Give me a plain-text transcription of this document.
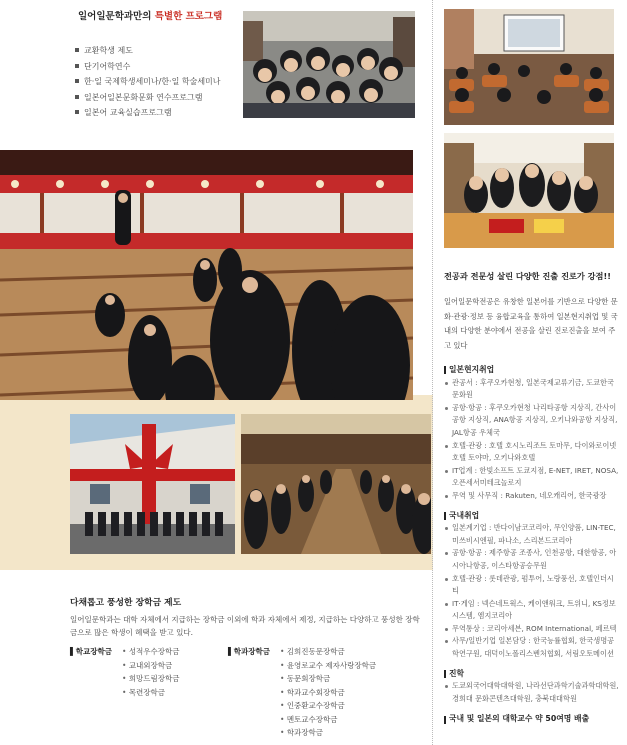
일어일문학과만의 특별한 프로그램
교환학생 제도
단기어학연수
한·일 국제학생세미나/한·일 학술세미나
일본어일본문화문화 연수프로그램
일본어 교육실습프로그램
다채롭고 풍성한 장학금 제도
일어일문학과는 대학 자체에서 지급하는 장학금 이외에 학과 자체에서 제정, 지급하는 다양하고 풍성한 장학금으로 많은 학생이 혜택을 받고 있다.
▌학교장학금	• 성적우수장학금
• 교내외장학금
• 희망드림장학금
• 목련장학금
▌학과장학금	• 김희진동문장학금
• 윤영로교수 제자사랑장학금
• 동문회장학금
• 학과교수회장학금
• 인중환교수장학금
• 멘토교수장학금
• 학과장학금
전공과 전문성 살린 다양한 진출 진로가 강점!!
일어일문학전공은 유창한 일본어를 기반으로 다양한 문화·관광·정보 등 융합교육을 통하여 일본현지취업 및 국내의 다양한 분야에서 전공을 살린 진로진출을 보여 주고 있다
일본현지취업
관공서 : 후쿠오카현청, 일본국제교류기금, 도쿄한국문화원
공항·항공 : 후쿠오카현청 나리타공항 지상직, 간사이공항 지상직, ANA항공 지상직, 오키나와공항 지상직, JAL항공 우체국
호텔·관광 : 호텔 호시노리조트 토마무, 다이와로이넷호텔 토야마, 오키나와호텔
IT업계 : 한빛소프트 도쿄지점, E-NET, IRET, NOSA, 오픈세서미테크놀로지
무역 및 사무직 : Rakuten, 네오캐리어, 한국광장
국내취업
일본계기업 : 반다이남코코리아, 무인양품, LIN-TEC, 미쓰비시엔필, 파나소, 스리본드코리아
공항·항공 : 제주항공 조종사, 인천공항, 대한항공, 아시아나항공, 이스타항공승무원
호텔·관광 : 롯데관광, 펌투어, 노랑풍선, 호텔인더시티
IT·게임 : 넥슨네트웍스, 케이앤워크, 트위니, KS정보시스템, 엠지코리아
무역통상 : 코리아세븐, ROM International, 페르텍
사무/일반기업 일본담당 : 한국능률협회, 한국생명공학연구원, 대덕이노폴리스벤처협회, 서림오토메이션
진학
도쿄외국어대학대학원, 나라선단과학기술과학대학원, 경희대 문화콘텐츠대학원, 충북대대학원
국내 및 일본의 대학교수 약 50여명 배출
